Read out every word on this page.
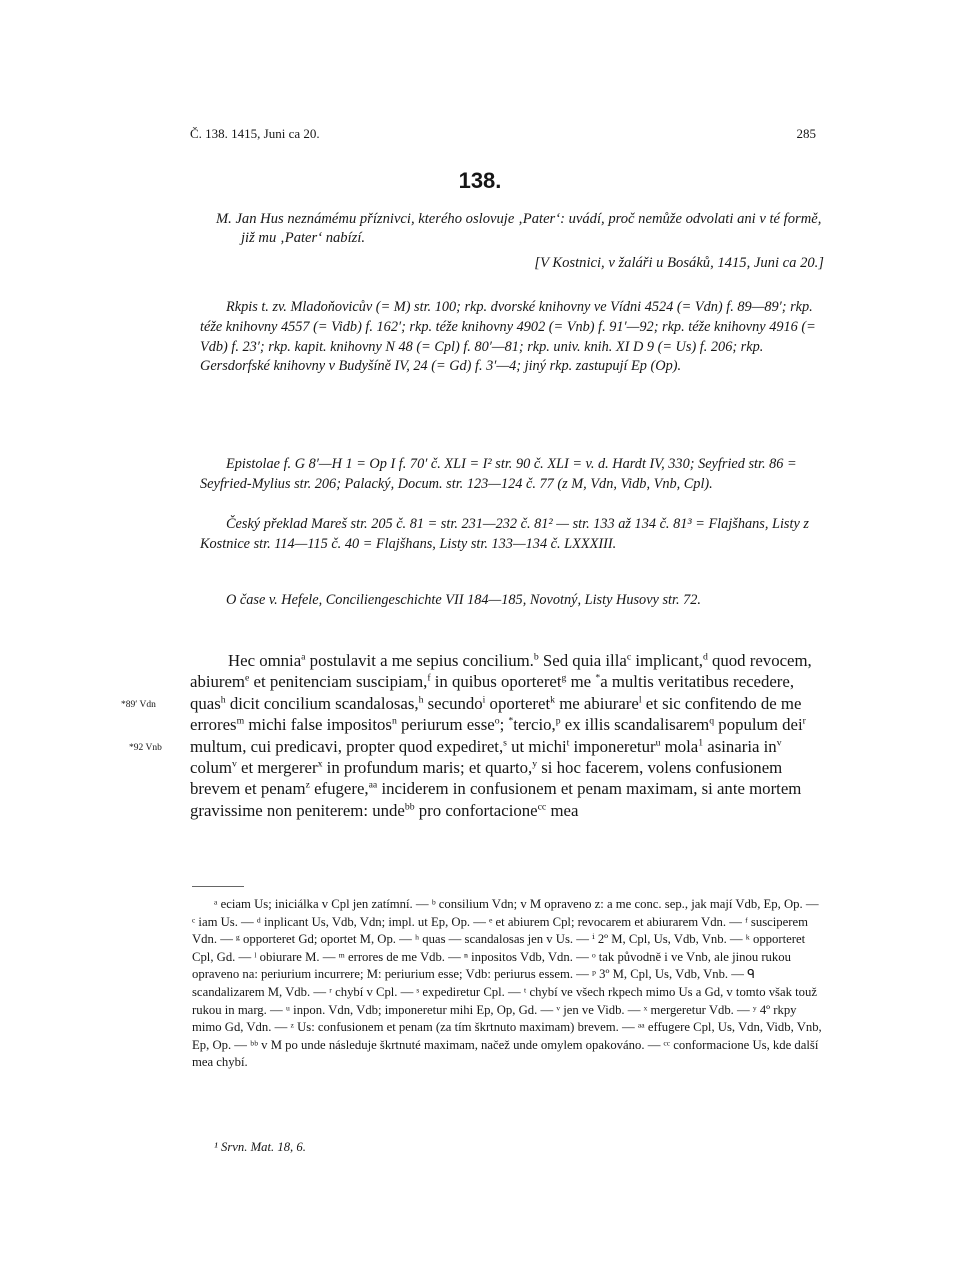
Č. 138. 1415, Juni ca 20.	285
138.
M. Jan Hus neznámému příznivci, kterého oslovuje ‚Pater‘: uvádí, proč nemůže odvolati ani v té formě, již mu ‚Pater‘ nabízí.
[V Kostnici, v žaláři u Bosáků, 1415, Juni ca 20.]
Rkpis t. zv. Mladoňovicův (= M) str. 100; rkp. dvorské knihovny ve Vídni 4524 (= Vdn) f. 89—89′; rkp. téže knihovny 4557 (= Vidb) f. 162′; rkp. téže knihovny 4902 (= Vnb) f. 91′—92; rkp. téže knihovny 4916 (= Vdb) f. 23′; rkp. kapit. knihovny N 48 (= Cpl) f. 80′—81; rkp. univ. knih. XI D 9 (= Us) f. 206; rkp. Gersdorfské knihovny v Budyšíně IV, 24 (= Gd) f. 3′—4; jiný rkp. zastupují Ep (Op).
Epistolae f. G 8′—H 1 = Op I f. 70′ č. XLI = I² str. 90 č. XLI = v. d. Hardt IV, 330; Seyfried str. 86 = Seyfried-Mylius str. 206; Palacký, Docum. str. 123—124 č. 77 (z M, Vdn, Vidb, Vnb, Cpl).
Český překlad Mareš str. 205 č. 81 = str. 231—232 č. 81² — str. 133 až 134 č. 81³ = Flajšhans, Listy z Kostnice str. 114—115 č. 40 = Flajšhans, Listy str. 133—134 č. LXXXIII.
O čase v. Hefele, Conciliengeschichte VII 184—185, Novotný, Listy Husovy str. 72.
Hec omnia$^a$ postulavit a me sepius concilium.$^b$ Sed quia illa$^c$ implicant,$^d$ quod revocem, abiurem$^e$ et penitenciam suscipiam,$^f$ in quibus oporteret$^g$ me *a multis veritatibus recedere, quas$^h$ dicit concilium scandalosas,$^h$ secundo$^i$ oporteret$^k$ me abiurare$^l$ et sic confitendo de me errores$^m$ michi false impositos$^n$ periurum esse$^o$; *tercio,$^p$ ex illis scandalisarem$^q$ populum dei$^r$ multum, cui predicavi, propter quod expediret,$^s$ ut michi$^t$ imponeretur$^u$ mola$^1$ asinaria $in^v$ colum$^v$ et mergerer$^x$ in profundum maris; et quarto,$^y$ si hoc facerem, volens confusionem brevem et penam$^z$ efugere,$^{aa}$ inciderem in confusionem et penam maximam, si ante mortem gravissime non peniterem: unde$^{bb}$ pro confortacione$^{cc}$ mea
*89′ Vdn
*92 Vnb
ᵃ eciam Us; iniciálka v Cpl jen zatímní. — ᵇ consilium Vdn; v M opraveno z: a me conc. sep., jak mají Vdb, Ep, Op. — ᶜ iam Us. — ᵈ inplicant Us, Vdb, Vdn; impl. ut Ep, Op. — ᵉ et abiurem Cpl; revocarem et abiurarem Vdn. — ᶠ susciperem Vdn. — ᵍ opporteret Gd; oportet M, Op. — ʰ quas — scandalosas jen v Us. — ⁱ 2º M, Cpl, Us, Vdb, Vnb. — ᵏ opporteret Cpl, Gd. — ˡ obiurare M. — ᵐ errores de me Vdb. — ⁿ inpositos Vdb, Vdn. — ᵒ tak původně i ve Vnb, ale jinou rukou opraveno na: periurium incurrere; M: periurium esse; Vdb: periurus essem. — ᵖ 3º M, Cpl, Us, Vdb, Vnb. — ᑫ scandalizarem M, Vdb. — ʳ chybí v Cpl. — ˢ expediretur Cpl. — ᵗ chybí ve všech rkpech mimo Us a Gd, v tomto však touž rukou in marg. — ᵘ inpon. Vdn, Vdb; imponeretur mihi Ep, Op, Gd. — ᵛ jen ve Vidb. — ˣ mergeretur Vdb. — ʸ 4º rkpy mimo Gd, Vdn. — ᶻ Us: confusionem et penam (za tím škrtnuto maximam) brevem. — ᵃᵃ effugere Cpl, Us, Vdn, Vidb, Vnb, Ep, Op. — ᵇᵇ v M po unde následuje škrtnuté maximam, načež unde omylem opakováno. — ᶜᶜ conformacione Us, kde další mea chybí.
¹ Srvn. Mat. 18, 6.
